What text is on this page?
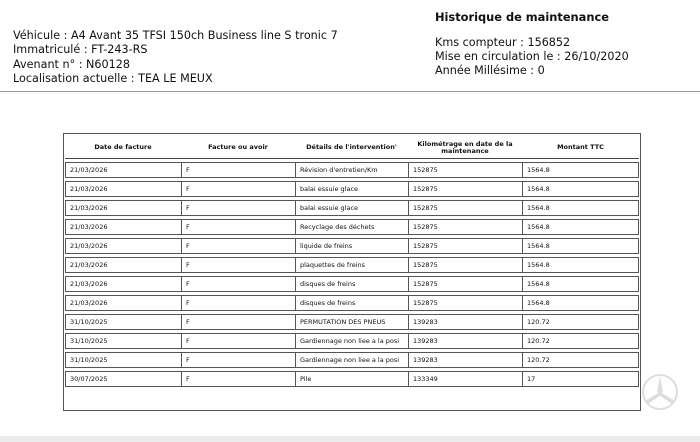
Véhicule : A4 Avant 35 TFSI 150ch Business line S tronic 7
Immatriculé : FT-243-RS
Avenant n° : N60128
Localisation actuelle : TEA LE MEUX
Historique de maintenance
Kms compteur : 156852
Mise en circulation le : 26/10/2020
Année Millésime : 0
Date de facture	Facture ou avoir	Détails de l'intervention'	Kilométrage en date de la maintenance	Montant TTC
21/03/2026	F	Révision d'entretien/Km	152875	1564.8
21/03/2026	F	balai essuie glace	152875	1564.8
21/03/2026	F	balai essuie glace	152875	1564.8
21/03/2026	F	Recyclage des déchets	152875	1564.8
21/03/2026	F	liquide de freins	152875	1564.8
21/03/2026	F	plaquettes de freins	152875	1564.8
21/03/2026	F	disques de freins	152875	1564.8
21/03/2026	F	disques de freins	152875	1564.8
31/10/2025	F	PERMUTATION DES PNEUS	139283	120.72
31/10/2025	F	Gardiennage non liee a la posi	139283	120.72
31/10/2025	F	Gardiennage non liee a la posi	139283	120.72
30/07/2025	F	Pile	133349	17
